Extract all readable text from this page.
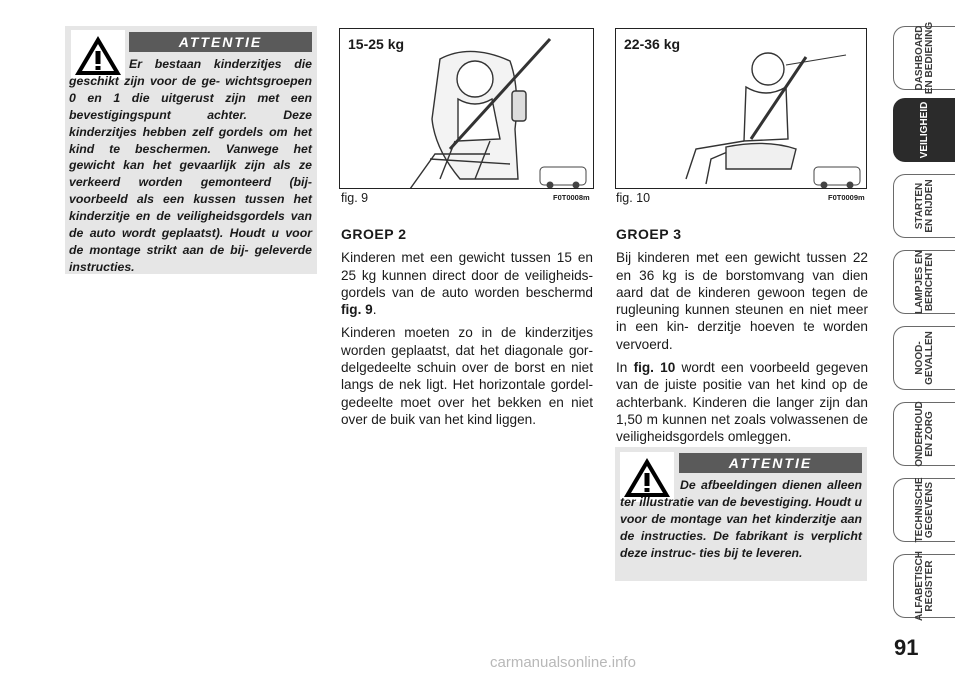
ATTENTIE
Er bestaan kinderzitjes die geschikt zijn voor de ge- wichtsgroepen 0 en 1 die uitgerust zijn met een bevestigingspunt achter. Deze kinderzitjes hebben zelf gordels om het kind te beschermen. Vanwege het gewicht kan het gevaarlijk zijn als ze verkeerd worden gemonteerd (bij- voorbeeld als een kussen tussen het kinderzitje en de veiligheidsgordels van de auto wordt geplaatst). Houdt u voor de montage strikt aan de bij- geleverde instructies.
15-25 kg
fig. 9	F0T0008m
22-36 kg
fig. 10	F0T0009m
GROEP 2

Kinderen met een gewicht tussen 15 en 25 kg kunnen direct door de veiligheids- gordels van de auto worden beschermd fig. 9.

Kinderen moeten zo in de kinderzitjes worden geplaatst, dat het diagonale gor- delgedeelte schuin over de borst en niet langs de nek ligt. Het horizontale gordel- gedeelte moet over het bekken en niet over de buik van het kind liggen.

GROEP 3

Bij kinderen met een gewicht tussen 22 en 36 kg is de borstomvang van dien aard dat de kinderen gewoon tegen de rugleuning kunnen steunen en niet meer in een kin- derzitje hoeven te worden vervoerd.

In fig. 10 wordt een voorbeeld gegeven van de juiste positie van het kind op de achterbank. Kinderen die langer zijn dan 1,50 m kunnen net zoals volwassenen de veiligheidsgordels omleggen.

ATTENTIE
De afbeeldingen dienen alleen ter illustratie van de bevestiging. Houdt u voor de montage van het kinderzitje aan de instructies. De fabrikant is verplicht deze instruc- ties bij te leveren.
DASHBOARD
EN BEDIENING
VEILIGHEID
STARTEN
EN RIJDEN
LAMPJES EN
BERICHTEN
NOOD-
GEVALLEN
ONDERHOUD
EN ZORG
TECHNISCHE
GEGEVENS
ALFABETISCH
REGISTER
91
carmanualsonline.info
